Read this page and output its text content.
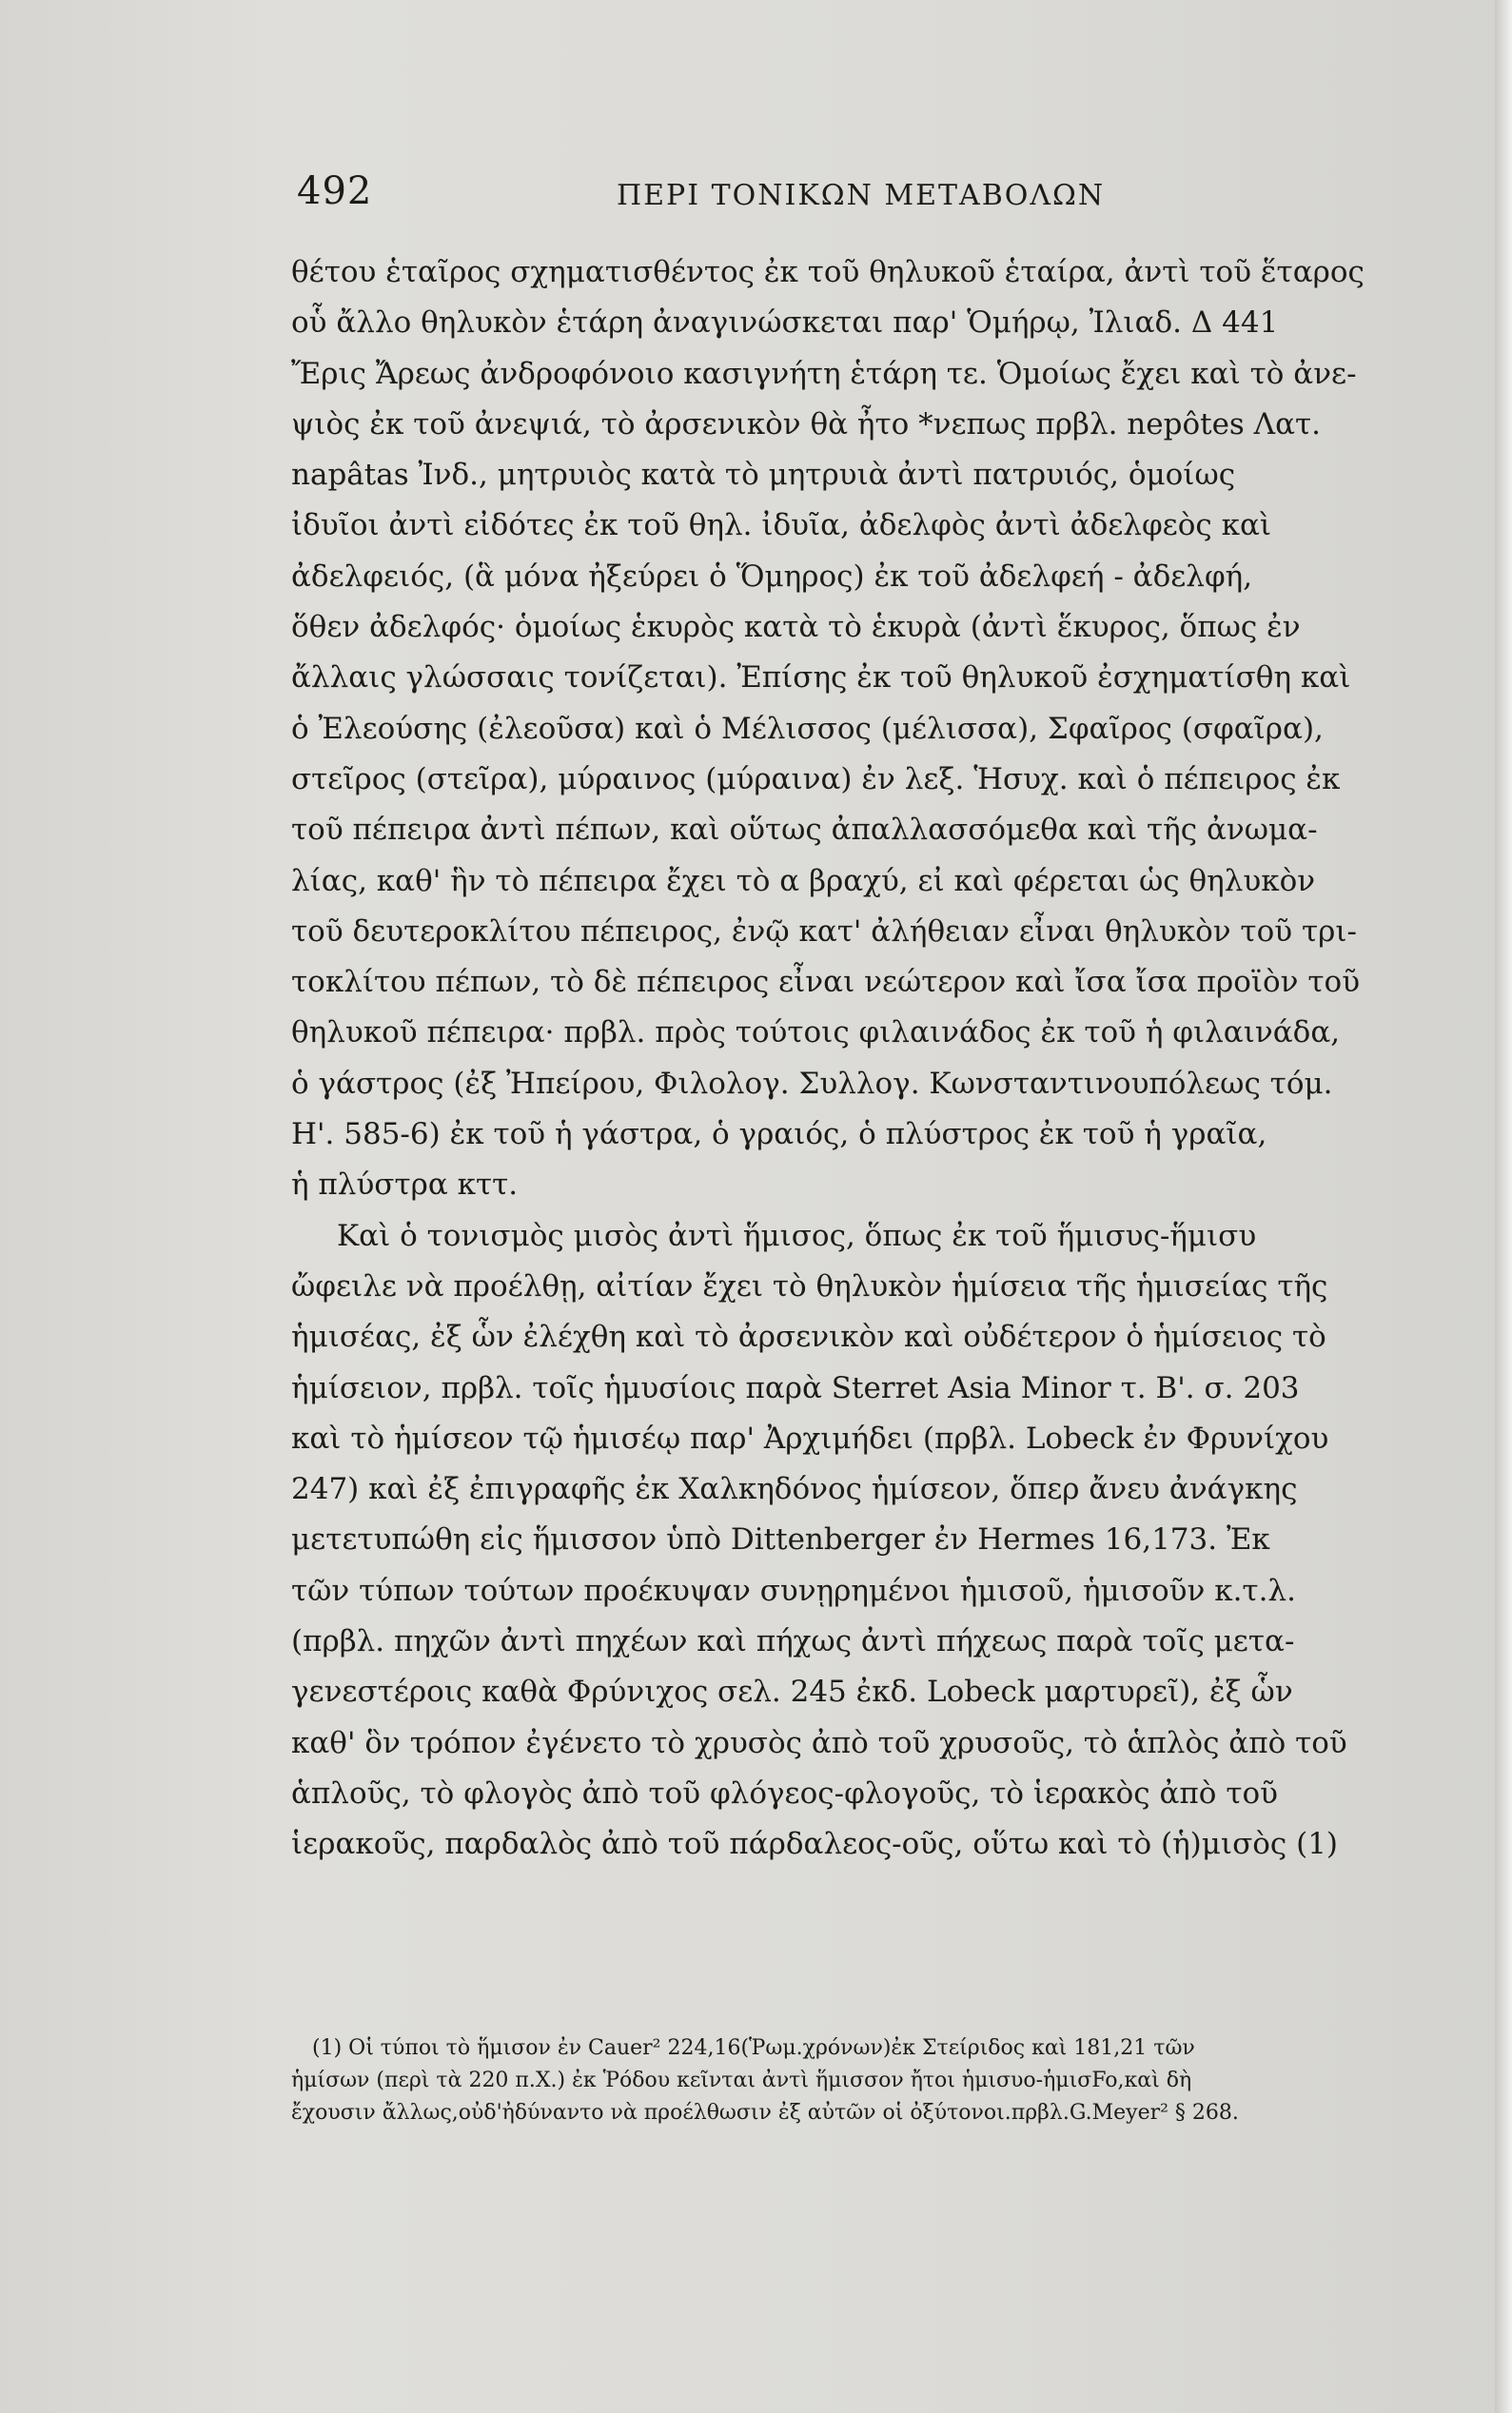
492	ΠΕΡΙ ΤΟΝΙΚΩΝ ΜΕΤΑΒΟΛΩΝ
θέτου ἑταῖρος σχηματισθέντος ἐκ τοῦ θηλυκοῦ ἑταίρα, ἀντὶ τοῦ ἕταρος
οὗ ἄλλο θηλυκὸν ἑτάρη ἀναγινώσκεται παρ' Ὁμήρῳ, Ἰλιαδ. Δ 441
Ἔρις Ἄρεως ἀνδροφόνοιο κασιγνήτη ἑτάρη τε. Ὁμοίως ἔχει καὶ τὸ ἀνε-
ψιὸς ἐκ τοῦ ἀνεψιά, τὸ ἀρσενικὸν θὰ ἦτο *νεπως πρβλ. nepôtes Λατ.
napâtas Ἰνδ., μητρυιὸς κατὰ τὸ μητρυιὰ ἀντὶ πατρυιός, ὁμοίως
ἰδυῖοι ἀντὶ εἰδότες ἐκ τοῦ θηλ. ἰδυῖα, ἀδελφὸς ἀντὶ ἀδελφεὸς καὶ
ἀδελφειός, (ἃ μόνα ἠξεύρει ὁ Ὅμηρος) ἐκ τοῦ ἀδελφεή - ἀδελφή,
ὅθεν ἀδελφός· ὁμοίως ἑκυρὸς κατὰ τὸ ἑκυρὰ (ἀντὶ ἕκυρος, ὅπως ἐν
ἄλλαις γλώσσαις τονίζεται). Ἐπίσης ἐκ τοῦ θηλυκοῦ ἐσχηματίσθη καὶ
ὁ Ἐλεούσης (ἐλεοῦσα) καὶ ὁ Μέλισσος (μέλισσα), Σφαῖρος (σφαῖρα),
στεῖρος (στεῖρα), μύραινος (μύραινα) ἐν λεξ. Ἡσυχ. καὶ ὁ πέπειρος ἐκ
τοῦ πέπειρα ἀντὶ πέπων, καὶ οὕτως ἀπαλλασσόμεθα καὶ τῆς ἀνωμα-
λίας, καθ' ἣν τὸ πέπειρα ἔχει τὸ α βραχύ, εἰ καὶ φέρεται ὡς θηλυκὸν
τοῦ δευτεροκλίτου πέπειρος, ἐνῷ κατ' ἀλήθειαν εἶναι θηλυκὸν τοῦ τρι-
τοκλίτου πέπων, τὸ δὲ πέπειρος εἶναι νεώτερον καὶ ἴσα ἴσα προϊὸν τοῦ
θηλυκοῦ πέπειρα· πρβλ. πρὸς τούτοις φιλαινάδος ἐκ τοῦ ἡ φιλαινάδα,
ὁ γάστρος (ἐξ Ἠπείρου, Φιλολογ. Συλλογ. Κωνσταντινουπόλεως τόμ.
Η'. 585-6) ἐκ τοῦ ἡ γάστρα, ὁ γραιός, ὁ πλύστρος ἐκ τοῦ ἡ γραῖα,
ἡ πλύστρα κττ.
Καὶ ὁ τονισμὸς μισὸς ἀντὶ ἥμισος, ὅπως ἐκ τοῦ ἥμισυς-ἥμισυ
ὤφειλε νὰ προέλθῃ, αἰτίαν ἔχει τὸ θηλυκὸν ἡμίσεια τῆς ἡμισείας τῆς
ἡμισέας, ἐξ ὧν ἐλέχθη καὶ τὸ ἀρσενικὸν καὶ οὐδέτερον ὁ ἡμίσειος τὸ
ἡμίσειον, πρβλ. τοῖς ἡμυσίοις παρὰ Sterret Asia Minor τ. Β'. σ. 203
καὶ τὸ ἡμίσεον τῷ ἡμισέῳ παρ' Ἀρχιμήδει (πρβλ. Lobeck ἐν Φρυνίχου
247) καὶ ἐξ ἐπιγραφῆς ἐκ Χαλκηδόνος ἡμίσεον, ὅπερ ἄνευ ἀνάγκης
μετετυπώθη εἰς ἥμισσον ὑπὸ Dittenberger ἐν Hermes 16,173. Ἐκ
τῶν τύπων τούτων προέκυψαν συνῃρημένοι ἡμισοῦ, ἡμισοῦν κ.τ.λ.
(πρβλ. πηχῶν ἀντὶ πηχέων καὶ πήχως ἀντὶ πήχεως παρὰ τοῖς μετα-
γενεστέροις καθὰ Φρύνιχος σελ. 245 ἐκδ. Lobeck μαρτυρεῖ), ἐξ ὧν
καθ' ὃν τρόπον ἐγένετο τὸ χρυσὸς ἀπὸ τοῦ χρυσοῦς, τὸ ἁπλὸς ἀπὸ τοῦ
ἁπλοῦς, τὸ φλογὸς ἀπὸ τοῦ φλόγεος-φλογοῦς, τὸ ἱερακὸς ἀπὸ τοῦ
ἱερακοῦς, παρδαλὸς ἀπὸ τοῦ πάρδαλεος-οῦς, οὕτω καὶ τὸ (ἡ)μισὸς (1)
(1) Οἱ τύποι τὸ ἥμισον ἐν Cauer² 224,16(Ῥωμ.χρόνων)ἐκ Στείριδος καὶ 181,21 τῶν
ἡμίσων (περὶ τὰ 220 π.Χ.) ἐκ Ῥόδου κεῖνται ἀντὶ ἥμισσον ἤτοι ἡμισυο-ἡμισFo,καὶ δὴ
ἔχουσιν ἄλλως,οὐδ'ἠδύναντο νὰ προέλθωσιν ἐξ αὐτῶν οἱ ὀξύτονοι.πρβλ.G.Meyer² § 268.
